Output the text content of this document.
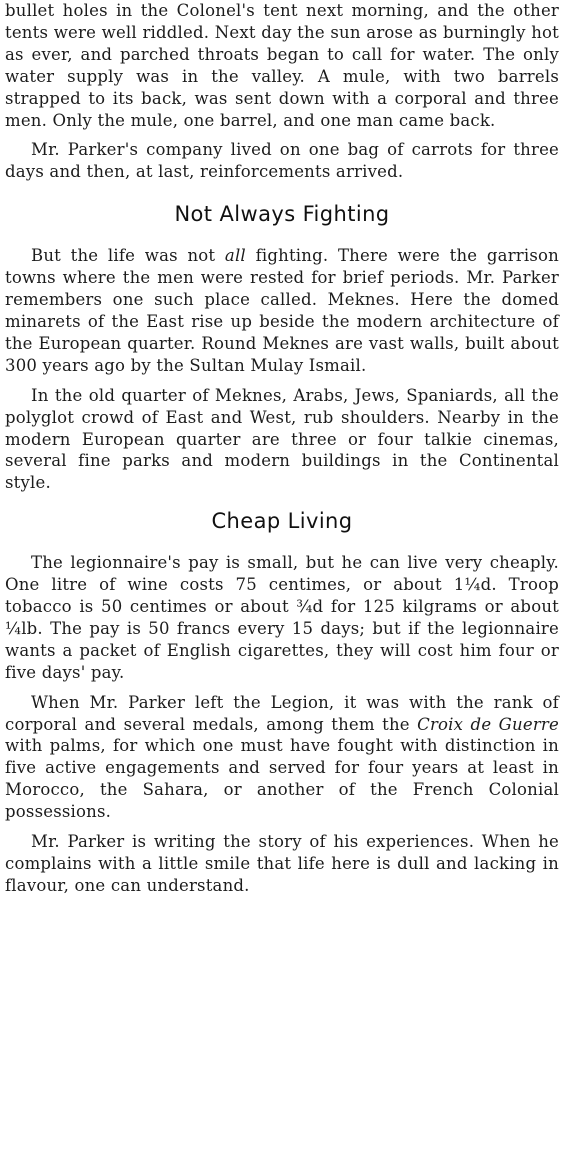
bullet holes in the Colonel's tent next morning, and the other tents were well riddled. Next day the sun arose as burningly hot as ever, and parched throats began to call for water. The only water supply was in the valley. A mule, with two barrels strapped to its back, was sent down with a corporal and three men. Only the mule, one barrel, and one man came back.

Mr. Parker's company lived on one bag of carrots for three days and then, at last, reinforcements arrived.

Not Always Fighting

But the life was not all fighting. There were the garrison towns where the men were rested for brief periods. Mr. Parker remembers one such place called. Meknes. Here the domed minarets of the East rise up beside the modern architecture of the European quarter. Round Meknes are vast walls, built about 300 years ago by the Sultan Mulay Ismail.

In the old quarter of Meknes, Arabs, Jews, Spaniards, all the polyglot crowd of East and West, rub shoulders. Nearby in the modern European quarter are three or four talkie cinemas, several fine parks and modern buildings in the Continental style.

Cheap Living

The legionnaire's pay is small, but he can live very cheaply. One litre of wine costs 75 centimes, or about 1¼d. Troop tobacco is 50 centimes or about ¾d for 125 kilgrams or about ¼lb. The pay is 50 francs every 15 days; but if the legionnaire wants a packet of English cigarettes, they will cost him four or five days' pay.

When Mr. Parker left the Legion, it was with the rank of corporal and several medals, among them the Croix de Guerre with palms, for which one must have fought with distinction in five active engagements and served for four years at least in Morocco, the Sahara, or another of the French Colonial possessions.

Mr. Parker is writing the story of his experiences. When he complains with a little smile that life here is dull and lacking in flavour, one can understand.
